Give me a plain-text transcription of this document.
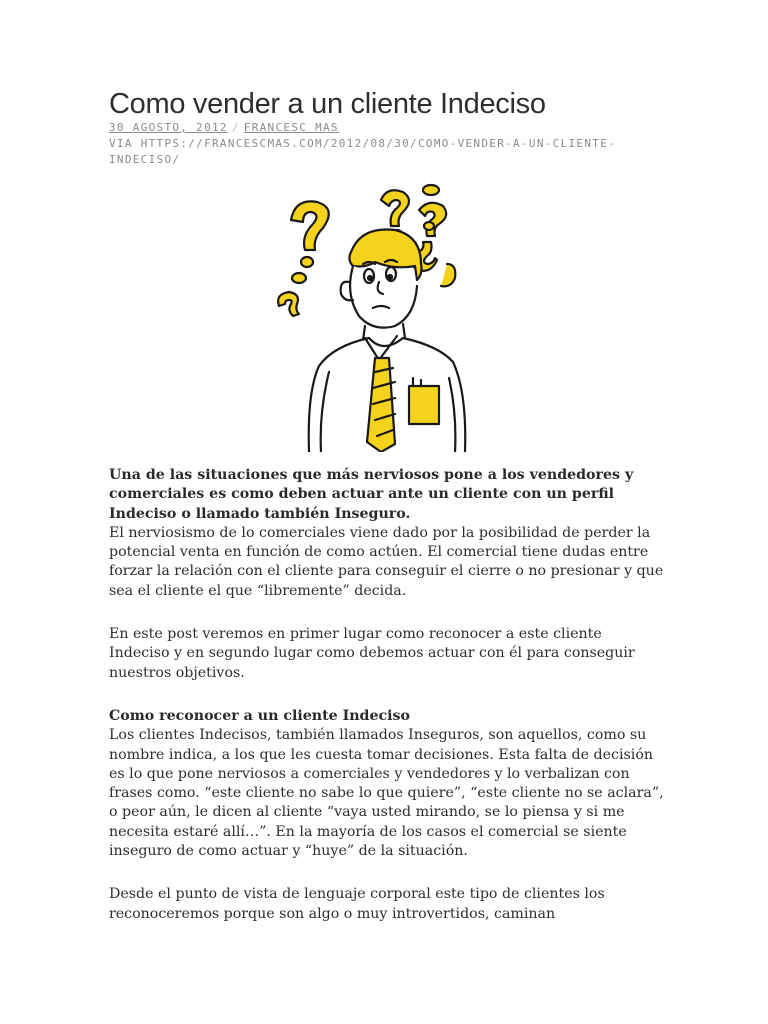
Como vender a un cliente Indeciso
30 AGOSTO, 2012 / FRANCESC MAS
VIA HTTPS://FRANCESCMAS.COM/2012/08/30/COMO-VENDER-A-UN-CLIENTE-INDECISO/

Una de las situaciones que más nerviosos pone a los vendedores y comerciales es como deben actuar ante un cliente con un perfil Indeciso o llamado también Inseguro.
El nerviosismo de lo comerciales viene dado por la posibilidad de perder la potencial venta en función de como actúen. El comercial tiene dudas entre forzar la relación con el cliente para conseguir el cierre o no presionar y que sea el cliente el que “libremente” decida.

En este post veremos en primer lugar como reconocer a este cliente Indeciso y en segundo lugar como debemos actuar con él para conseguir nuestros objetivos.

Como reconocer a un cliente Indeciso
Los clientes Indecisos, también llamados Inseguros, son aquellos, como su nombre indica, a los que les cuesta tomar decisiones. Esta falta de decisión es lo que pone nerviosos a comerciales y vendedores y lo verbalizan con frases como. “este cliente no sabe lo que quiere”, “este cliente no se aclara”, o peor aún, le dicen al cliente “vaya usted mirando, se lo piensa y si me necesita estaré allí…”. En la mayoría de los casos el comercial se siente inseguro de como actuar y “huye” de la situación.

Desde el punto de vista de lenguaje corporal este tipo de clientes los reconoceremos porque son algo o muy introvertidos, caminan
